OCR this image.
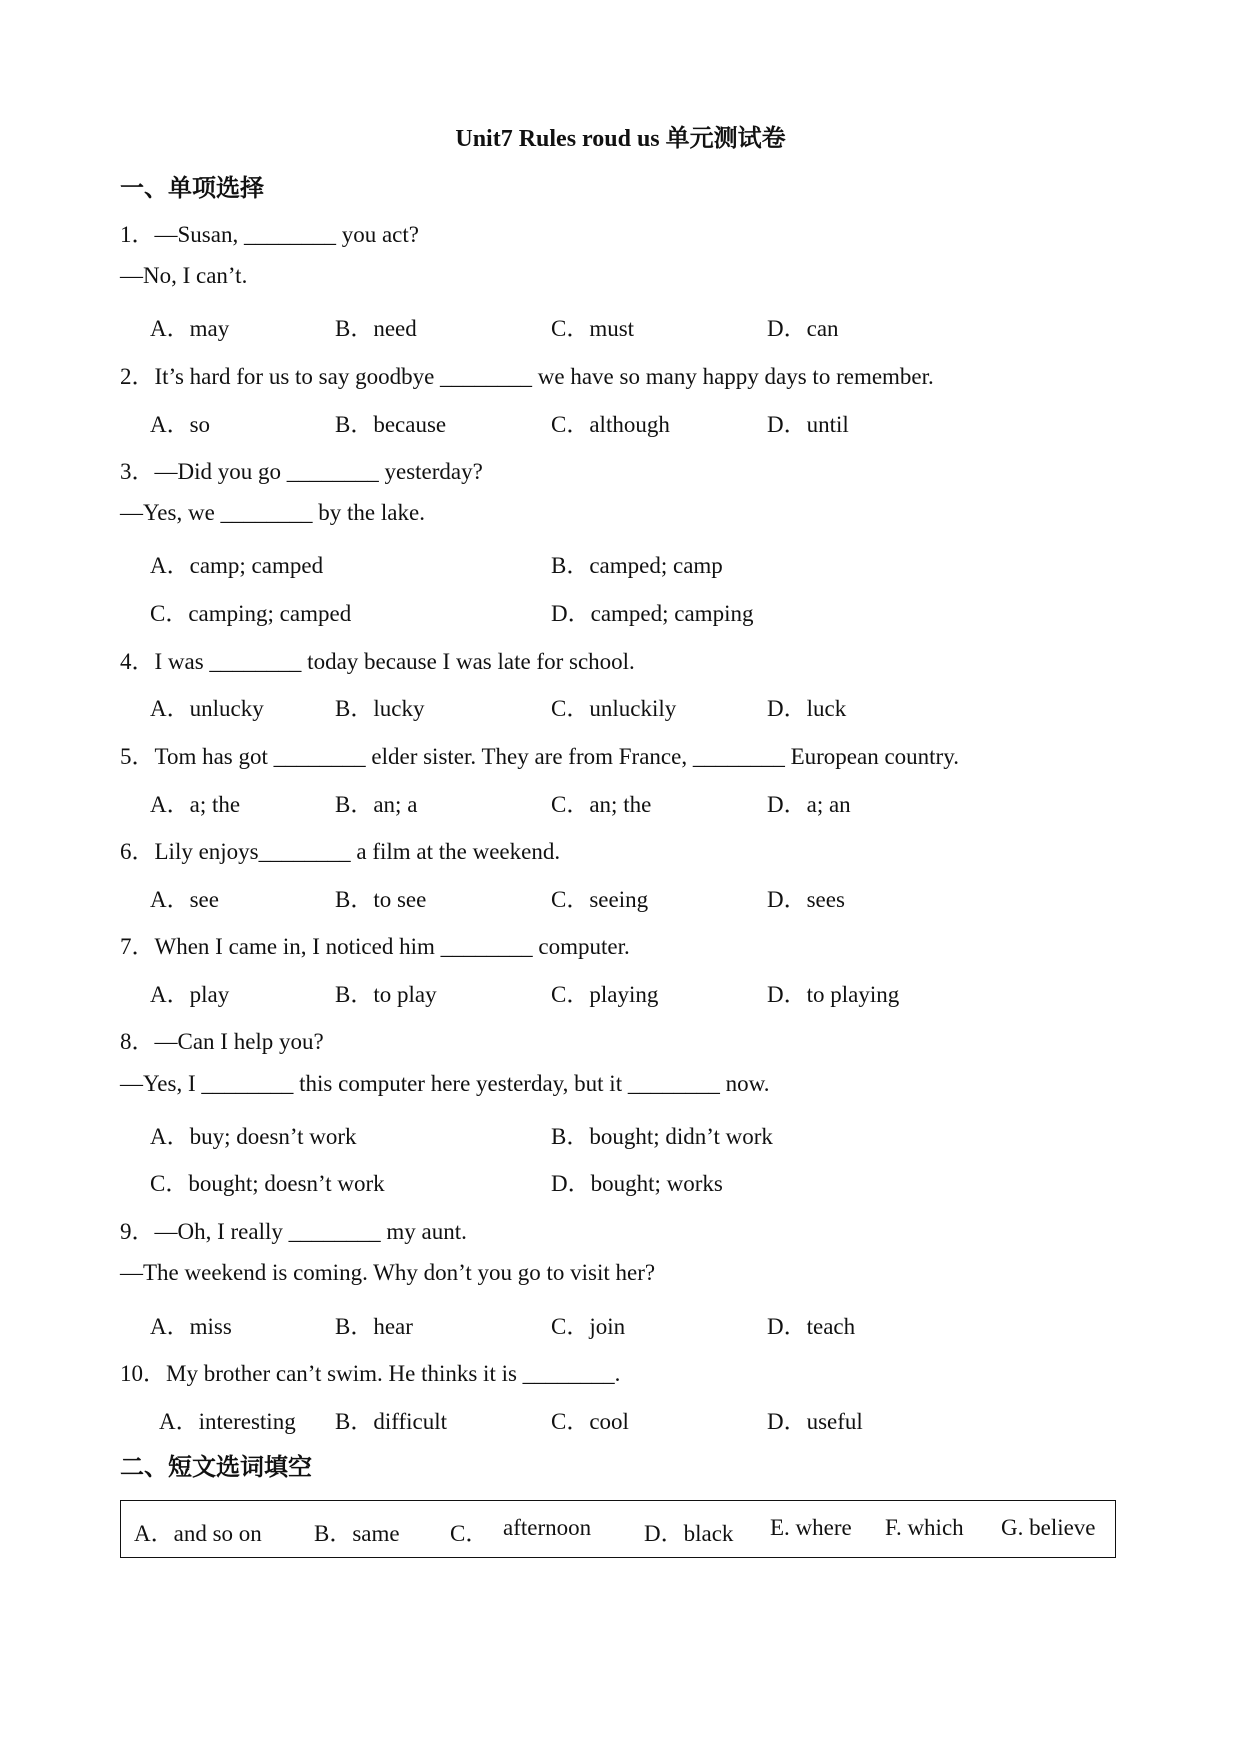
Unit7 Rules roud us 单元测试卷
一、单项选择
1．—Susan, ________ you act?
—No, I can’t.
A．may	B．need	C．must	D．can
2．It’s hard for us to say goodbye ________ we have so many happy days to remember.
A．so	B．because	C．although	D．until
3．—Did you go ________ yesterday?
—Yes, we ________ by the lake.
A．camp; camped	B．camped; camp
C．camping; camped	D．camped; camping
4．I was ________ today because I was late for school.
A．unlucky	B．lucky	C．unluckily	D．luck
5．Tom has got ________ elder sister. They are from France, ________ European country.
A．a; the	B．an; a	C．an; the	D．a; an
6．Lily enjoys________ a film at the weekend.
A．see	B．to see	C．seeing	D．sees
7．When I came in, I noticed him ________ computer.
A．play	B．to play	C．playing	D．to playing
8．—Can I help you?
—Yes, I ________ this computer here yesterday, but it ________ now.
A．buy; doesn’t work	B．bought; didn’t work
C．bought; doesn’t work	D．bought; works
9．—Oh, I really ________ my aunt.
—The weekend is coming. Why don’t you go to visit her?
A．miss	B．hear	C．join	D．teach
10．My brother can’t swim. He thinks it is ________.
A．interesting B．difficult	C．cool	D．useful
二、短文选词填空
A．and so on B．same C． afternoon D．black E. where F. which G. believe
